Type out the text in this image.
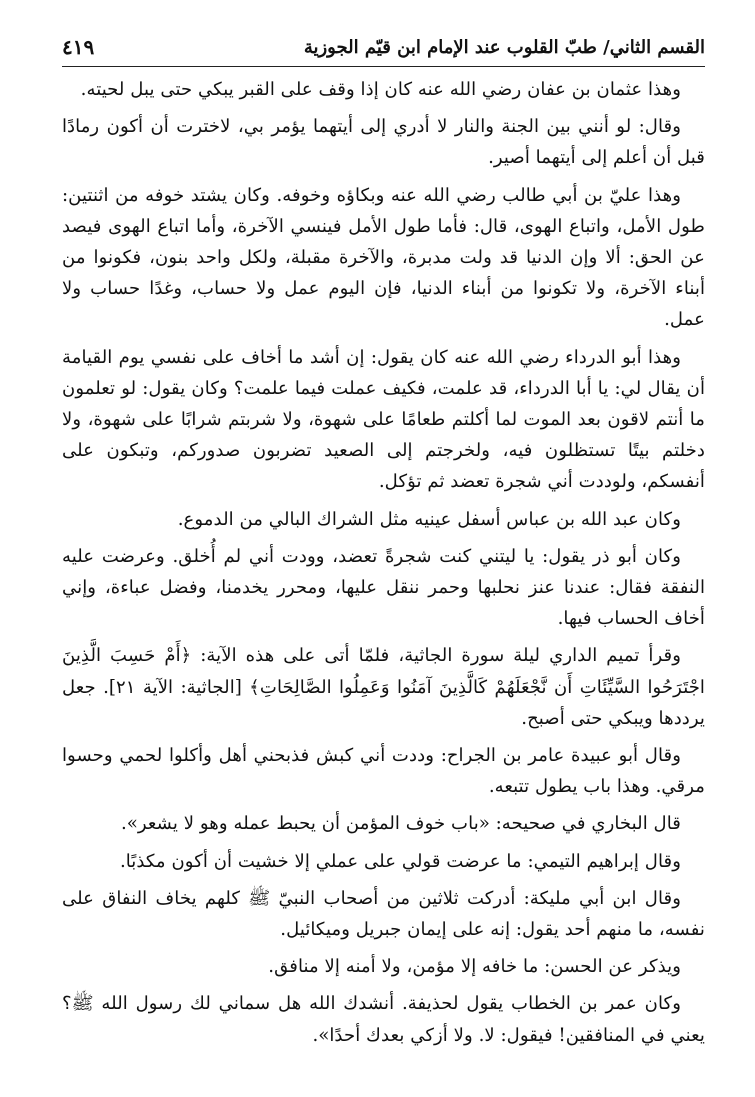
القسم الثاني/ طبّ القلوب عند الإمام ابن قيّم الجوزية
٤١٩

وهذا عثمان بن عفان رضي الله عنه كان إذا وقف على القبر يبكي حتى يبل لحيته.

وقال: لو أنني بين الجنة والنار لا أدري إلى أيتهما يؤمر بي، لاخترت أن أكون رمادًا قبل أن أعلم إلى أيتهما أصير.

وهذا عليّ بن أبي طالب رضي الله عنه وبكاؤه وخوفه. وكان يشتد خوفه من اثنتين: طول الأمل، واتباع الهوى، قال: فأما طول الأمل فينسي الآخرة، وأما اتباع الهوى فيصد عن الحق: ألا وإن الدنيا قد ولت مدبرة، والآخرة مقبلة، ولكل واحد بنون، فكونوا من أبناء الآخرة، ولا تكونوا من أبناء الدنيا، فإن اليوم عمل ولا حساب، وغدًا حساب ولا عمل.

وهذا أبو الدرداء رضي الله عنه كان يقول: إن أشد ما أخاف على نفسي يوم القيامة أن يقال لي: يا أبا الدرداء، قد علمت، فكيف عملت فيما علمت؟ وكان يقول: لو تعلمون ما أنتم لاقون بعد الموت لما أكلتم طعامًا على شهوة، ولا شربتم شرابًا على شهوة، ولا دخلتم بيتًا تستظلون فيه، ولخرجتم إلى الصعيد تضربون صدوركم، وتبكون على أنفسكم، ولوددت أني شجرة تعضد ثم تؤكل.

وكان عبد الله بن عباس أسفل عينيه مثل الشراك البالي من الدموع.

وكان أبو ذر يقول: يا ليتني كنت شجرةً تعضد، وودت أني لم أُخلق. وعرضت عليه النفقة فقال: عندنا عنز نحلبها وحمر ننقل عليها، ومحرر يخدمنا، وفضل عباءة، وإني أخاف الحساب فيها.

وقرأ تميم الداري ليلة سورة الجاثية، فلمّا أتى على هذه الآية: ﴿أَمْ حَسِبَ الَّذِينَ اجْتَرَحُوا السَّيِّئَاتِ أَن نَّجْعَلَهُمْ كَالَّذِينَ آمَنُوا وَعَمِلُوا الصَّالِحَاتِ﴾ [الجاثية: الآية ٢١]. جعل يرددها ويبكي حتى أصبح.

وقال أبو عبيدة عامر بن الجراح: وددت أني كبش فذبحني أهل وأكلوا لحمي وحسوا مرقي. وهذا باب يطول تتبعه.

قال البخاري في صحيحه: «باب خوف المؤمن أن يحبط عمله وهو لا يشعر».

وقال إبراهيم التيمي: ما عرضت قولي على عملي إلا خشيت أن أكون مكذبًا.

وقال ابن أبي مليكة: أدركت ثلاثين من أصحاب النبيّ ﷺ كلهم يخاف النفاق على نفسه، ما منهم أحد يقول: إنه على إيمان جبريل وميكائيل.

ويذكر عن الحسن: ما خافه إلا مؤمن، ولا أمنه إلا منافق.

وكان عمر بن الخطاب يقول لحذيفة. أنشدك الله هل سماني لك رسول الله ﷺ؟ يعني في المنافقين! فيقول: لا. ولا أزكي بعدك أحدًا».
